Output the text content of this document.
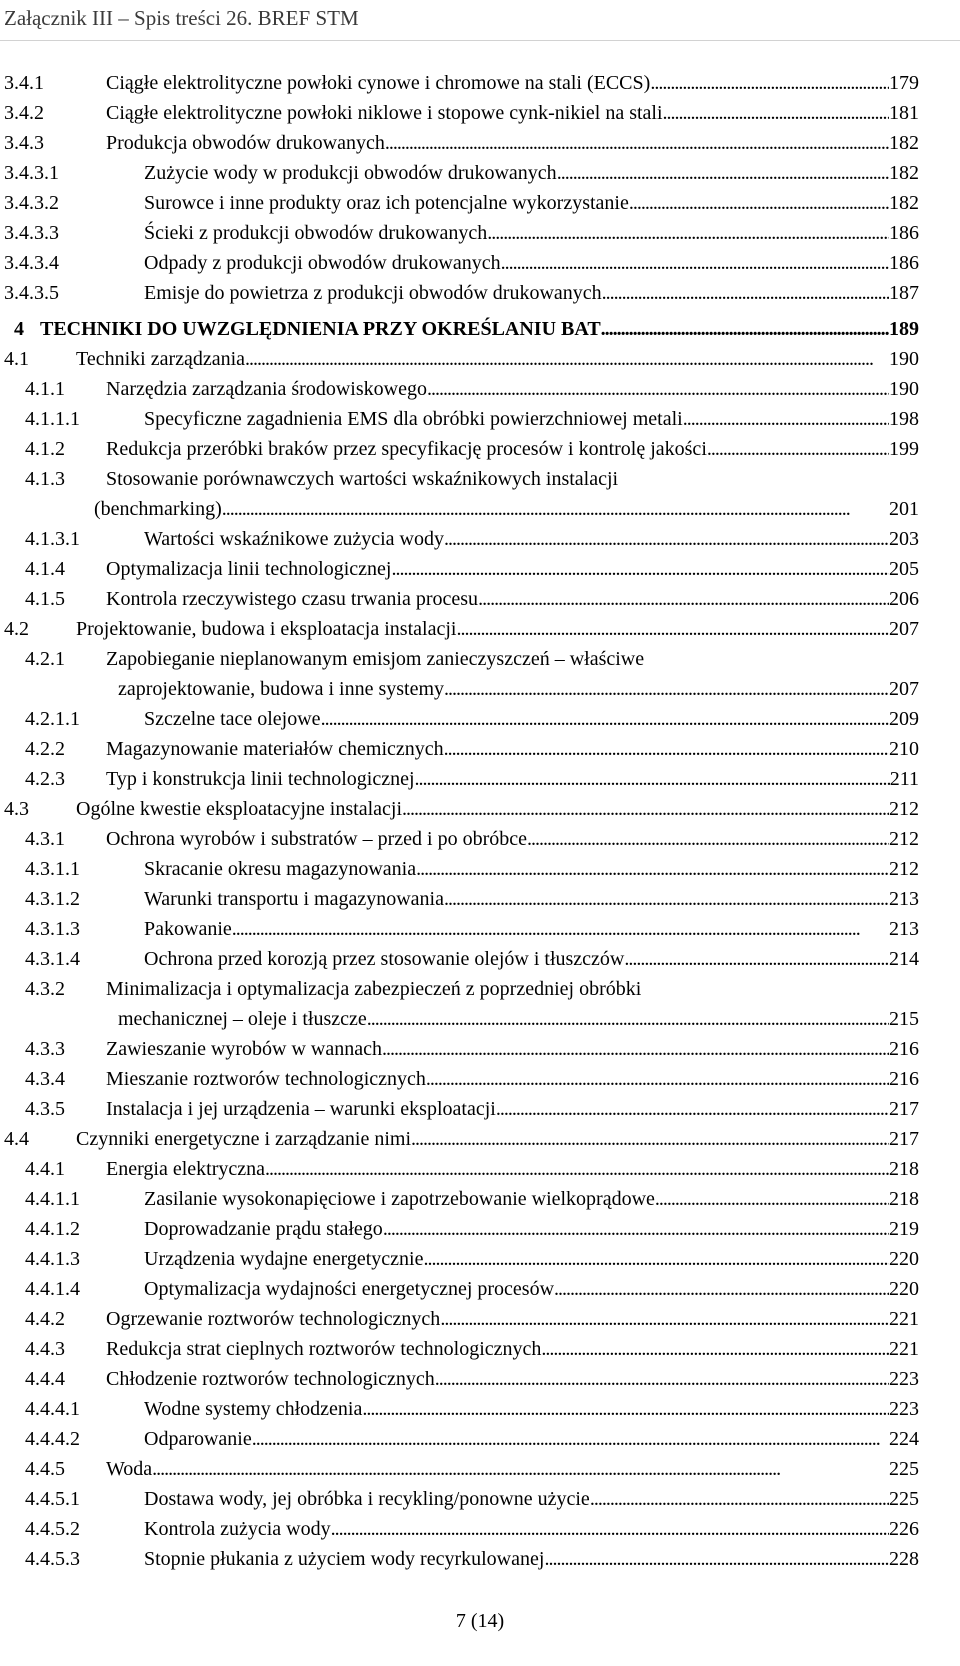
Załącznik III – Spis treści 26. BREF STM
3.4.1	Ciągłe elektrolityczne powłoki cynowe i chromowe na stali (ECCS) . . .	179
3.4.2	Ciągłe elektrolityczne powłoki niklowe i stopowe cynk-nikiel na stali . . .	181
3.4.3	Produkcja obwodów drukowanych . . .	182
3.4.3.1	Zużycie wody w produkcji obwodów drukowanych . . .	182
3.4.3.2	Surowce i inne produkty oraz ich potencjalne wykorzystanie . . .	182
3.4.3.3	Ścieki z produkcji obwodów drukowanych . . .	186
3.4.3.4	Odpady z produkcji obwodów drukowanych . . .	186
3.4.3.5	Emisje do powietrza z produkcji obwodów drukowanych . . .	187
4 TECHNIKI DO UWZGLĘDNIENIA PRZY OKREŚLANIU BAT . . .	189
4.1 Techniki zarządzania . . .	190
4.1.1 Narzędzia zarządzania środowiskowego . . .	190
4.1.1.1	Specyficzne zagadnienia EMS dla obróbki powierzchniowej metali . . .	198
4.1.2 Redukcja przeróbki braków przez specyfikację procesów i kontrolę jakości . . .	199
4.1.3 Stosowanie porównawczych wartości wskaźnikowych instalacji
(benchmarking) . . .	201
4.1.3.1	Wartości wskaźnikowe zużycia wody . . .	203
4.1.4 Optymalizacja linii technologicznej . . .	205
4.1.5 Kontrola rzeczywistego czasu trwania procesu . . .	206
4.2 Projektowanie, budowa i eksploatacja instalacji . . .	207
4.2.1 Zapobieganie nieplanowanym emisjom zanieczyszczeń – właściwe
zaprojektowanie, budowa i inne systemy . . .	207
4.2.1.1	Szczelne tace olejowe . . .	209
4.2.2 Magazynowanie materiałów chemicznych . . .	210
4.2.3 Typ i konstrukcja linii technologicznej . . .	211
4.3 Ogólne kwestie eksploatacyjne instalacji . . .	212
4.3.1 Ochrona wyrobów i substratów – przed i po obróbce . . .	212
4.3.1.1	Skracanie okresu magazynowania . . .	212
4.3.1.2	Warunki transportu i magazynowania . . .	213
4.3.1.3	Pakowanie . . .	213
4.3.1.4	Ochrona przed korozją przez stosowanie olejów i tłuszczów . . .	214
4.3.2 Minimalizacja i optymalizacja zabezpieczeń z poprzedniej obróbki
mechanicznej – oleje i tłuszcze . . .	215
4.3.3 Zawieszanie wyrobów w wannach . . .	216
4.3.4 Mieszanie roztworów technologicznych . . .	216
4.3.5 Instalacja i jej urządzenia – warunki eksploatacji . . .	217
4.4 Czynniki energetyczne i zarządzanie nimi . . .	217
4.4.1 Energia elektryczna . . .	218
4.4.1.1	Zasilanie wysokonapięciowe i zapotrzebowanie wielkoprądowe . . .	218
4.4.1.2	Doprowadzanie prądu stałego . . .	219
4.4.1.3	Urządzenia wydajne energetycznie . . .	220
4.4.1.4	Optymalizacja wydajności energetycznej procesów . . .	220
4.4.2 Ogrzewanie roztworów technologicznych . . .	221
4.4.3 Redukcja strat cieplnych roztworów technologicznych . . .	221
4.4.4 Chłodzenie roztworów technologicznych . . .	223
4.4.4.1	Wodne systemy chłodzenia . . .	223
4.4.4.2	Odparowanie . . .	224
4.4.5 Woda . . .	225
4.4.5.1	Dostawa wody, jej obróbka i recykling/ponowne użycie . . .	225
4.4.5.2	Kontrola zużycia wody . . .	226
4.4.5.3	Stopnie płukania z użyciem wody recyrkulowanej . . .	228
7 (14)
